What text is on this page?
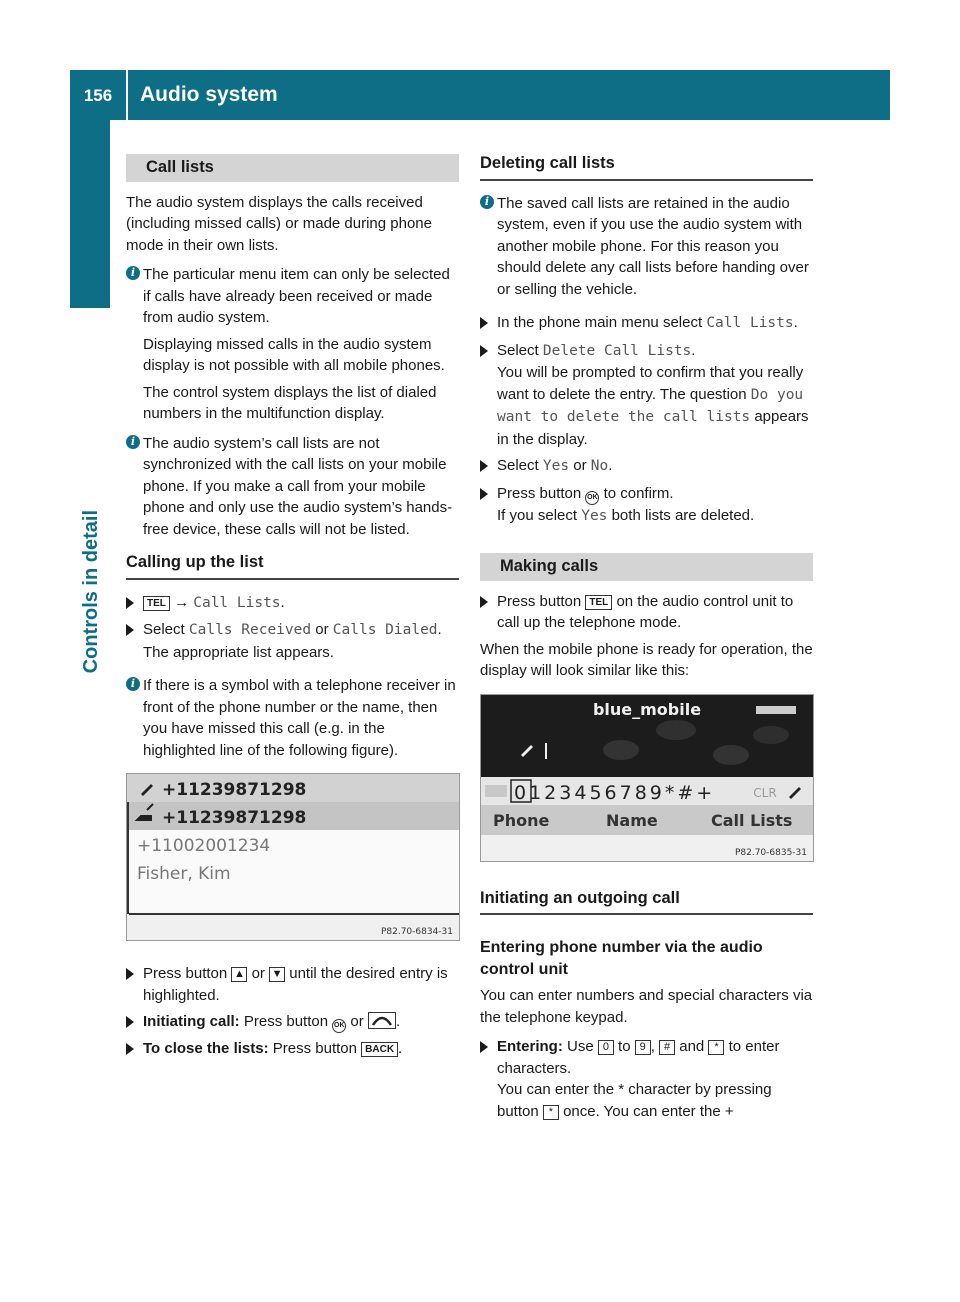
156	Audio system
Controls in detail
Call lists

The audio system displays the calls received (including missed calls) or made during phone mode in their own lists.

i The particular menu item can only be selected if calls have already been received or made from audio system.

Displaying missed calls in the audio system display is not possible with all mobile phones.

The control system displays the list of dialed numbers in the multifunction display.

i The audio system’s call lists are not synchronized with the call lists on your mobile phone. If you make a call from your mobile phone and only use the audio system’s hands-free device, these calls will not be listed.

Calling up the list
TEL → Call Lists.
Select Calls Received or Calls Dialed.
The appropriate list appears.
i If there is a symbol with a telephone receiver in front of the phone number or the name, then you have missed this call (e.g. in the highlighted line of the following figure).

+11239871298
+11239871298
+11002001234
Fisher, Kim
P82.70-6834-31
Press button ▲ or ▼ until the desired entry is highlighted.
Initiating call: Press button OK or .
To close the lists: Press button BACK .
Deleting call lists
i The saved call lists are retained in the audio system, even if you use the audio system with another mobile phone. For this reason you should delete any call lists before handing over or selling the vehicle.

In the phone main menu select Call Lists.
Select Delete Call Lists.
You will be prompted to confirm that you really want to delete the entry. The question Do you want to delete the call lists appears in the display.
Select Yes or No.
Press button OK to confirm.
If you select Yes both lists are deleted.
Making calls
Press button TEL on the audio control unit to call up the telephone mode.

When the mobile phone is ready for operation, the display will look similar like this:

blue_mobile
0123456789*#+	CLR
Phone	Name	Call Lists
P82.70-6835-31
Initiating an outgoing call
Entering phone number via the audio control unit

You can enter numbers and special characters via the telephone keypad.

Entering: Use 0 to 9 , # and * to enter characters.
You can enter the * character by pressing button * once. You can enter the +
